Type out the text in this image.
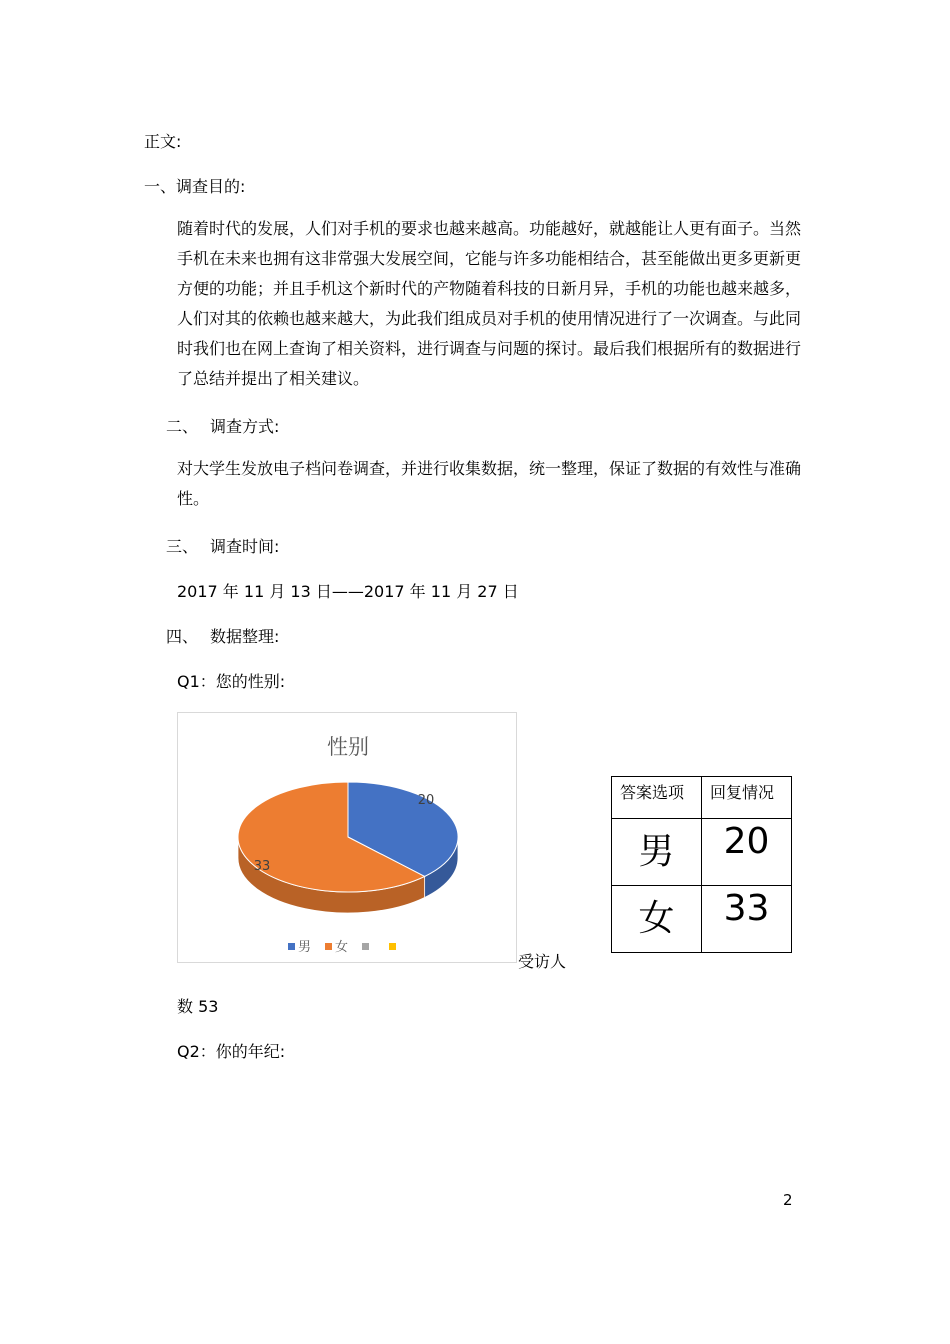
正文:
一、调查目的:
随着时代的发展，人们对手机的要求也越来越高。功能越好，就越能让人更有面子。当然手机在未来也拥有这非常强大发展空间，它能与许多功能相结合，甚至能做出更多更新更方便的功能；并且手机这个新时代的产物随着科技的日新月异，手机的功能也越来越多，人们对其的依赖也越来越大，为此我们组成员对手机的使用情况进行了一次调查。与此同时我们也在网上查询了相关资料，进行调查与问题的探讨。最后我们根据所有的数据进行了总结并提出了相关建议。
二、 调查方式:
对大学生发放电子档问卷调查，并进行收集数据，统一整理，保证了数据的有效性与准确性。
三、 调查时间:
2017 年 11 月 13 日——2017 年 11 月 27 日
四、 数据整理:
Q1：您的性别:
性别
20
33
男 女
受访人
数 53
答案选项	回复情况

男	20

女	33
Q2：你的年纪:
2
